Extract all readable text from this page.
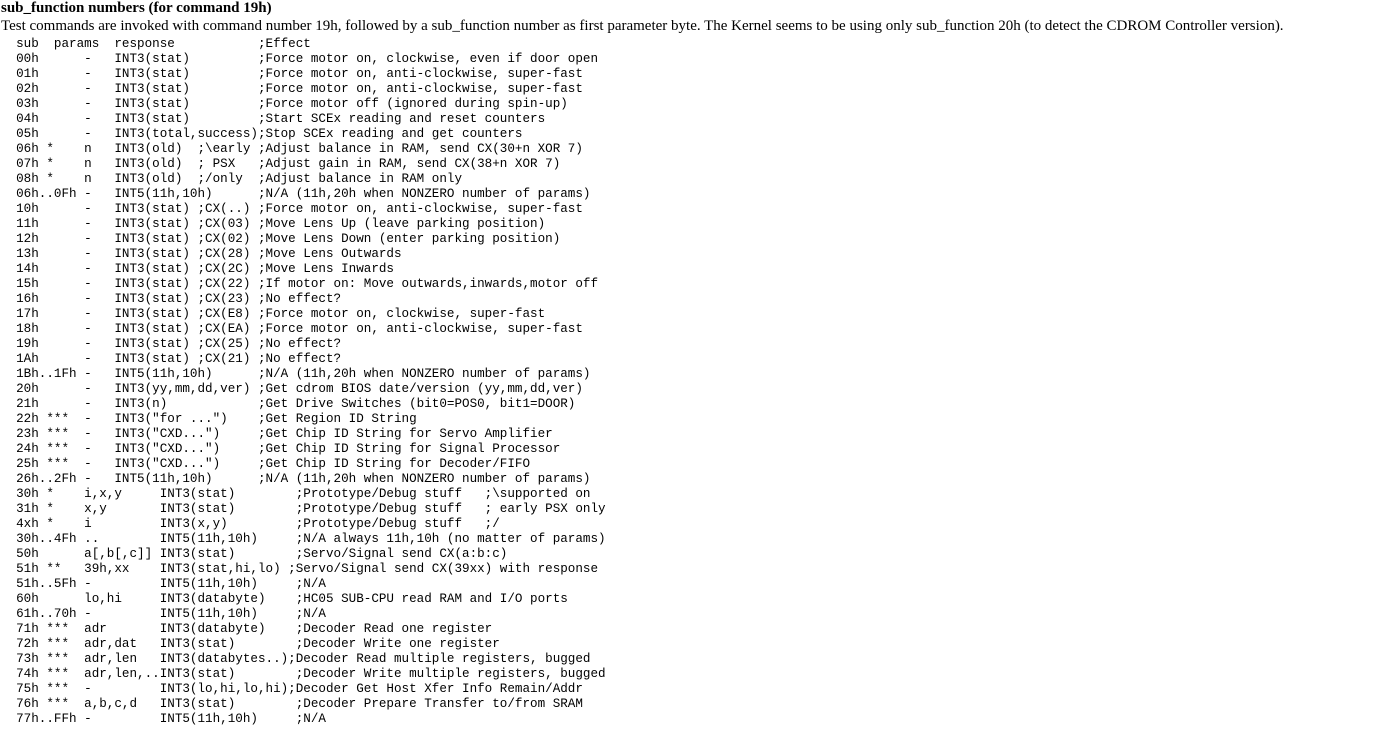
sub_function numbers (for command 19h)

Test commands are invoked with command number 19h, followed by a sub_function number as first parameter byte. The Kernel seems to be using only sub_function 20h (to detect the CDROM Controller version).

sub  params  response           ;Effect
00h      -   INT3(stat)         ;Force motor on, clockwise, even if door open
01h      -   INT3(stat)         ;Force motor on, anti-clockwise, super-fast
02h      -   INT3(stat)         ;Force motor on, anti-clockwise, super-fast
03h      -   INT3(stat)         ;Force motor off (ignored during spin-up)
04h      -   INT3(stat)         ;Start SCEx reading and reset counters
05h      -   INT3(total,success);Stop SCEx reading and get counters
06h *    n   INT3(old)  ;\early ;Adjust balance in RAM, send CX(30+n XOR 7)
07h *    n   INT3(old)  ; PSX   ;Adjust gain in RAM, send CX(38+n XOR 7)
08h *    n   INT3(old)  ;/only  ;Adjust balance in RAM only
06h..0Fh -   INT5(11h,10h)      ;N/A (11h,20h when NONZERO number of params)
10h      -   INT3(stat) ;CX(..) ;Force motor on, anti-clockwise, super-fast
11h      -   INT3(stat) ;CX(03) ;Move Lens Up (leave parking position)
12h      -   INT3(stat) ;CX(02) ;Move Lens Down (enter parking position)
13h      -   INT3(stat) ;CX(28) ;Move Lens Outwards
14h      -   INT3(stat) ;CX(2C) ;Move Lens Inwards
15h      -   INT3(stat) ;CX(22) ;If motor on: Move outwards,inwards,motor off
16h      -   INT3(stat) ;CX(23) ;No effect?
17h      -   INT3(stat) ;CX(E8) ;Force motor on, clockwise, super-fast
18h      -   INT3(stat) ;CX(EA) ;Force motor on, anti-clockwise, super-fast
19h      -   INT3(stat) ;CX(25) ;No effect?
1Ah      -   INT3(stat) ;CX(21) ;No effect?
1Bh..1Fh -   INT5(11h,10h)      ;N/A (11h,20h when NONZERO number of params)
20h      -   INT3(yy,mm,dd,ver) ;Get cdrom BIOS date/version (yy,mm,dd,ver)
21h      -   INT3(n)            ;Get Drive Switches (bit0=POS0, bit1=DOOR)
22h ***  -   INT3("for ...")    ;Get Region ID String
23h ***  -   INT3("CXD...")     ;Get Chip ID String for Servo Amplifier
24h ***  -   INT3("CXD...")     ;Get Chip ID String for Signal Processor
25h ***  -   INT3("CXD...")     ;Get Chip ID String for Decoder/FIFO
26h..2Fh -   INT5(11h,10h)      ;N/A (11h,20h when NONZERO number of params)
30h *    i,x,y     INT3(stat)        ;Prototype/Debug stuff   ;\supported on
31h *    x,y       INT3(stat)        ;Prototype/Debug stuff   ; early PSX only
4xh *    i         INT3(x,y)         ;Prototype/Debug stuff   ;/
30h..4Fh ..        INT5(11h,10h)     ;N/A always 11h,10h (no matter of params)
50h      a[,b[,c]] INT3(stat)        ;Servo/Signal send CX(a:b:c)
51h **   39h,xx    INT3(stat,hi,lo) ;Servo/Signal send CX(39xx) with response
51h..5Fh -         INT5(11h,10h)     ;N/A
60h      lo,hi     INT3(databyte)    ;HC05 SUB-CPU read RAM and I/O ports
61h..70h -         INT5(11h,10h)     ;N/A
71h ***  adr       INT3(databyte)    ;Decoder Read one register
72h ***  adr,dat   INT3(stat)        ;Decoder Write one register
73h ***  adr,len   INT3(databytes..);Decoder Read multiple registers, bugged
74h ***  adr,len,..INT3(stat)        ;Decoder Write multiple registers, bugged
75h ***  -         INT3(lo,hi,lo,hi);Decoder Get Host Xfer Info Remain/Addr
76h ***  a,b,c,d   INT3(stat)        ;Decoder Prepare Transfer to/from SRAM
77h..FFh -         INT5(11h,10h)     ;N/A
